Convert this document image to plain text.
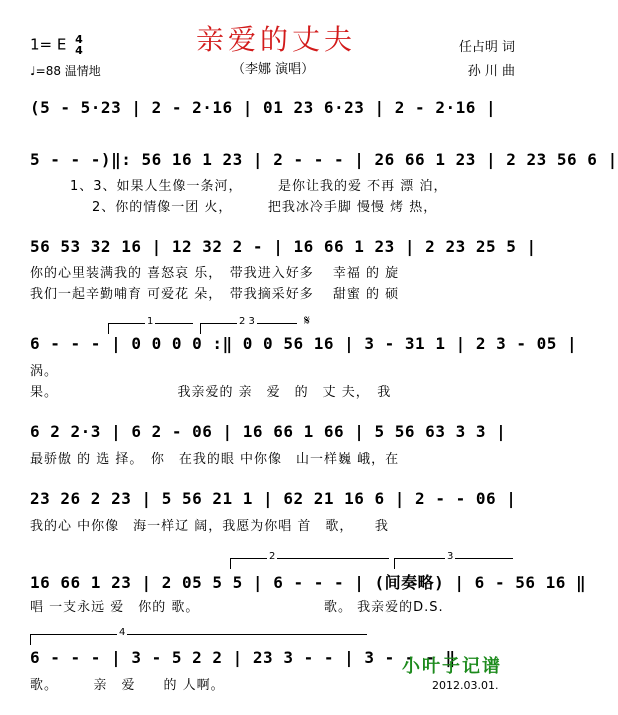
亲爱的丈夫
（李娜 演唱）
1= E 4
4
♩=88 温情地
任占明 词
孙 川 曲
(5 - 5·23 | 2 - 2·16 | 01 23 6·23 | 2 - 2·16 |
5 - - -)‖: 56 16 1 23 | 2 - - - | 26 66 1 23 | 2 23 56 6 |
1、3、如果人生像一条河，　　　是你让我的爱 不再 漂 泊，
2、你的情像一团 火，　　　把我冰冷手脚 慢慢 烤 热，
56 53 32 16 | 12 32 2 - | 16 66 1 23 | 2 23 25 5 |
你的心里装满我的 喜怒哀 乐，　带我进入好多　 幸福 的 旋
我们一起辛勤哺育 可爱花 朵，　带我摘采好多　 甜蜜 的 硕
1	2 3	𝄋
6 - - - | 0 0 0 0 :‖ 0 0 56 16 | 3 - 31 1 | 2 3 - 05 |
涡。
果。　　　　　　　　　我亲爱的 亲　爱　的　丈 夫，　我
6 2 2·3 | 6 2 - 06 | 16 66 1 66 | 5 56 63 3 3 |
最骄傲 的 选 择。　你　在我的眼 中你像　山一样巍 峨，在
23 26 2 23 | 5 56 21 1 | 62 21 16 6 | 2 - - 06 |
我的心 中你像　海一样辽 阔，我愿为你唱 首　歌，　　我
2	3
16 66 1 23 | 2 05 5 5 | 6 - - - | (间奏略) | 6 - 56 16 ‖
唱 一支永远 爱　你的 歌。　　　　　　　　　 歌。 我亲爱的D.S.
4
6 - - - | 3 - 5 2 2 | 23 3 - - | 3 - - - ‖
歌。　　　亲　爱　　的 人啊。
小叶子记谱
2012.03.01.
